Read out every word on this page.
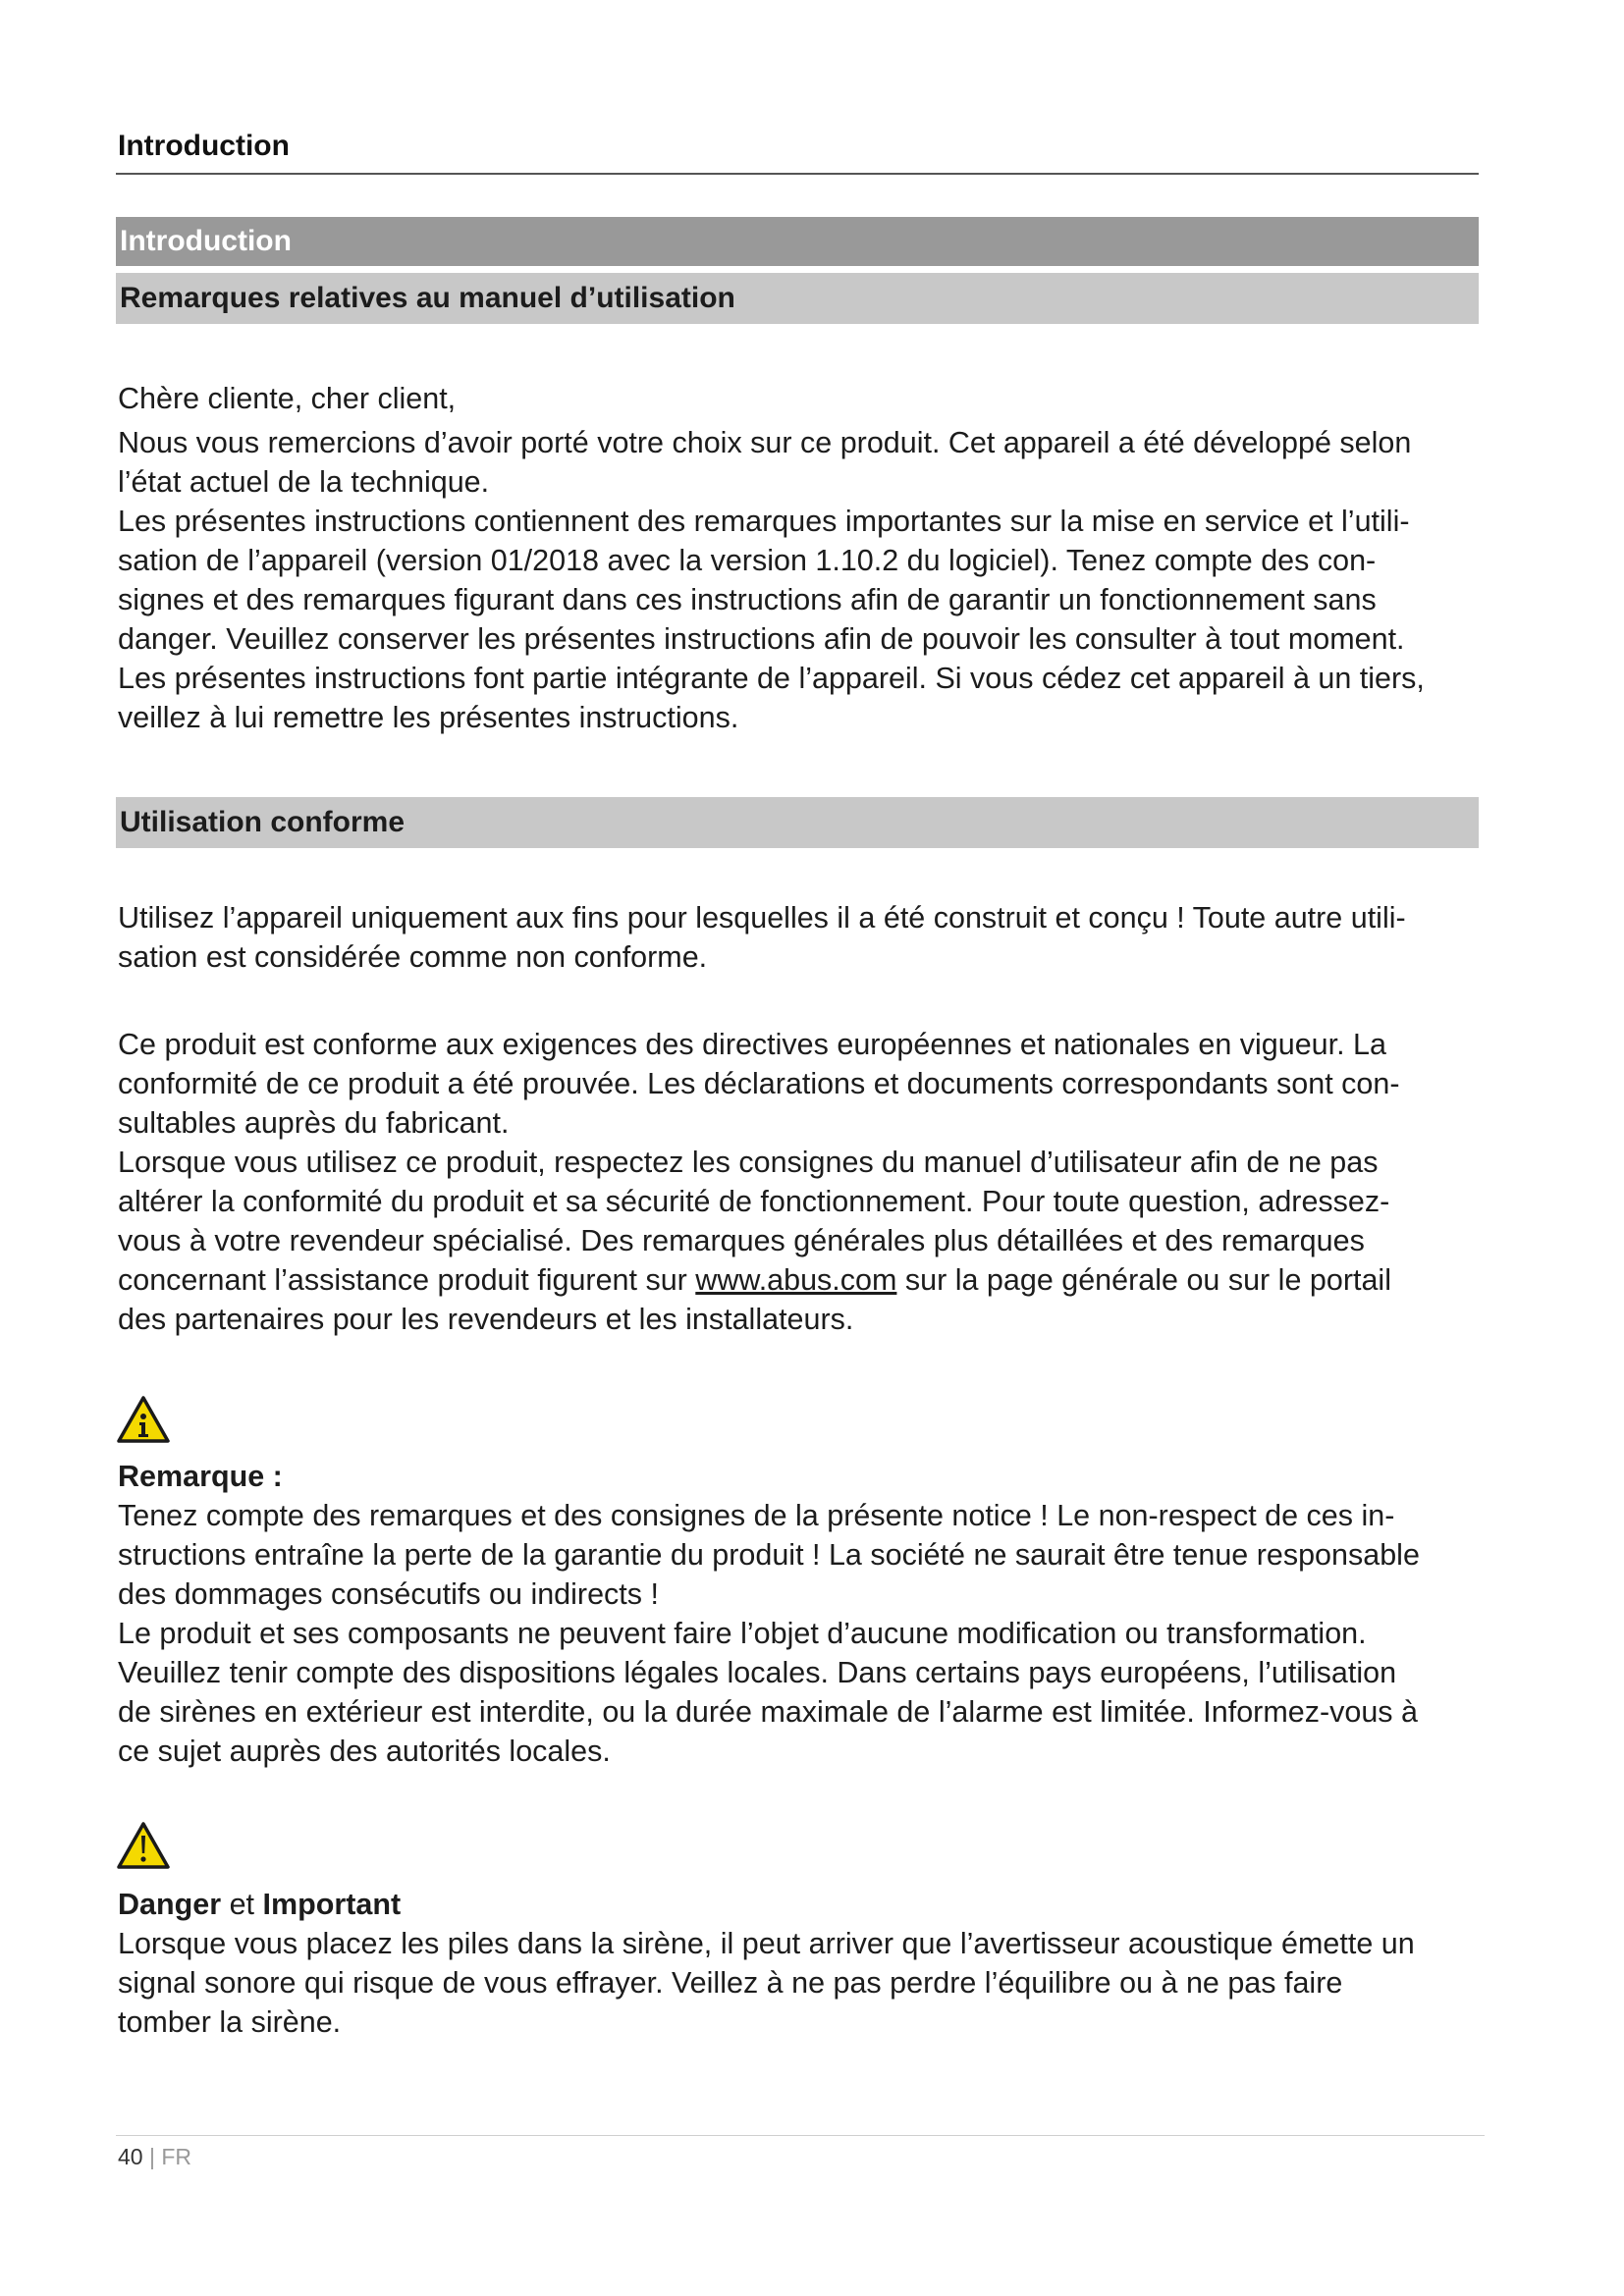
Introduction
Introduction
Remarques relatives au manuel d’utilisation

Chère cliente, cher client,

Nous vous remercions d’avoir porté votre choix sur ce produit. Cet appareil a été développé selon

l’état actuel de la technique.

Les présentes instructions contiennent des remarques importantes sur la mise en service et l’utili-

sation de l’appareil (version 01/2018 avec la version 1.10.2 du logiciel). Tenez compte des con-

signes et des remarques figurant dans ces instructions afin de garantir un fonctionnement sans

danger. Veuillez conserver les présentes instructions afin de pouvoir les consulter à tout moment.

Les présentes instructions font partie intégrante de l’appareil. Si vous cédez cet appareil à un tiers,

veillez à lui remettre les présentes instructions.

Utilisation conforme

Utilisez l’appareil uniquement aux fins pour lesquelles il a été construit et conçu ! Toute autre utili-

sation est considérée comme non conforme.

Ce produit est conforme aux exigences des directives européennes et nationales en vigueur. La

conformité de ce produit a été prouvée. Les déclarations et documents correspondants sont con-

sultables auprès du fabricant.

Lorsque vous utilisez ce produit, respectez les consignes du manuel d’utilisateur afin de ne pas

altérer la conformité du produit et sa sécurité de fonctionnement. Pour toute question, adressez-

vous à votre revendeur spécialisé. Des remarques générales plus détaillées et des remarques

concernant l’assistance produit figurent sur www.abus.com sur la page générale ou sur le portail

des partenaires pour les revendeurs et les installateurs.

Remarque :

Tenez compte des remarques et des consignes de la présente notice ! Le non-respect de ces in-

structions entraîne la perte de la garantie du produit ! La société ne saurait être tenue responsable

des dommages consécutifs ou indirects !

Le produit et ses composants ne peuvent faire l’objet d’aucune modification ou transformation.

Veuillez tenir compte des dispositions légales locales. Dans certains pays européens, l’utilisation

de sirènes en extérieur est interdite, ou la durée maximale de l’alarme est limitée. Informez-vous à

ce sujet auprès des autorités locales.

Danger et Important

Lorsque vous placez les piles dans la sirène, il peut arriver que l’avertisseur acoustique émette un

signal sonore qui risque de vous effrayer. Veillez à ne pas perdre l’équilibre ou à ne pas faire

tomber la sirène.

40 | FR
